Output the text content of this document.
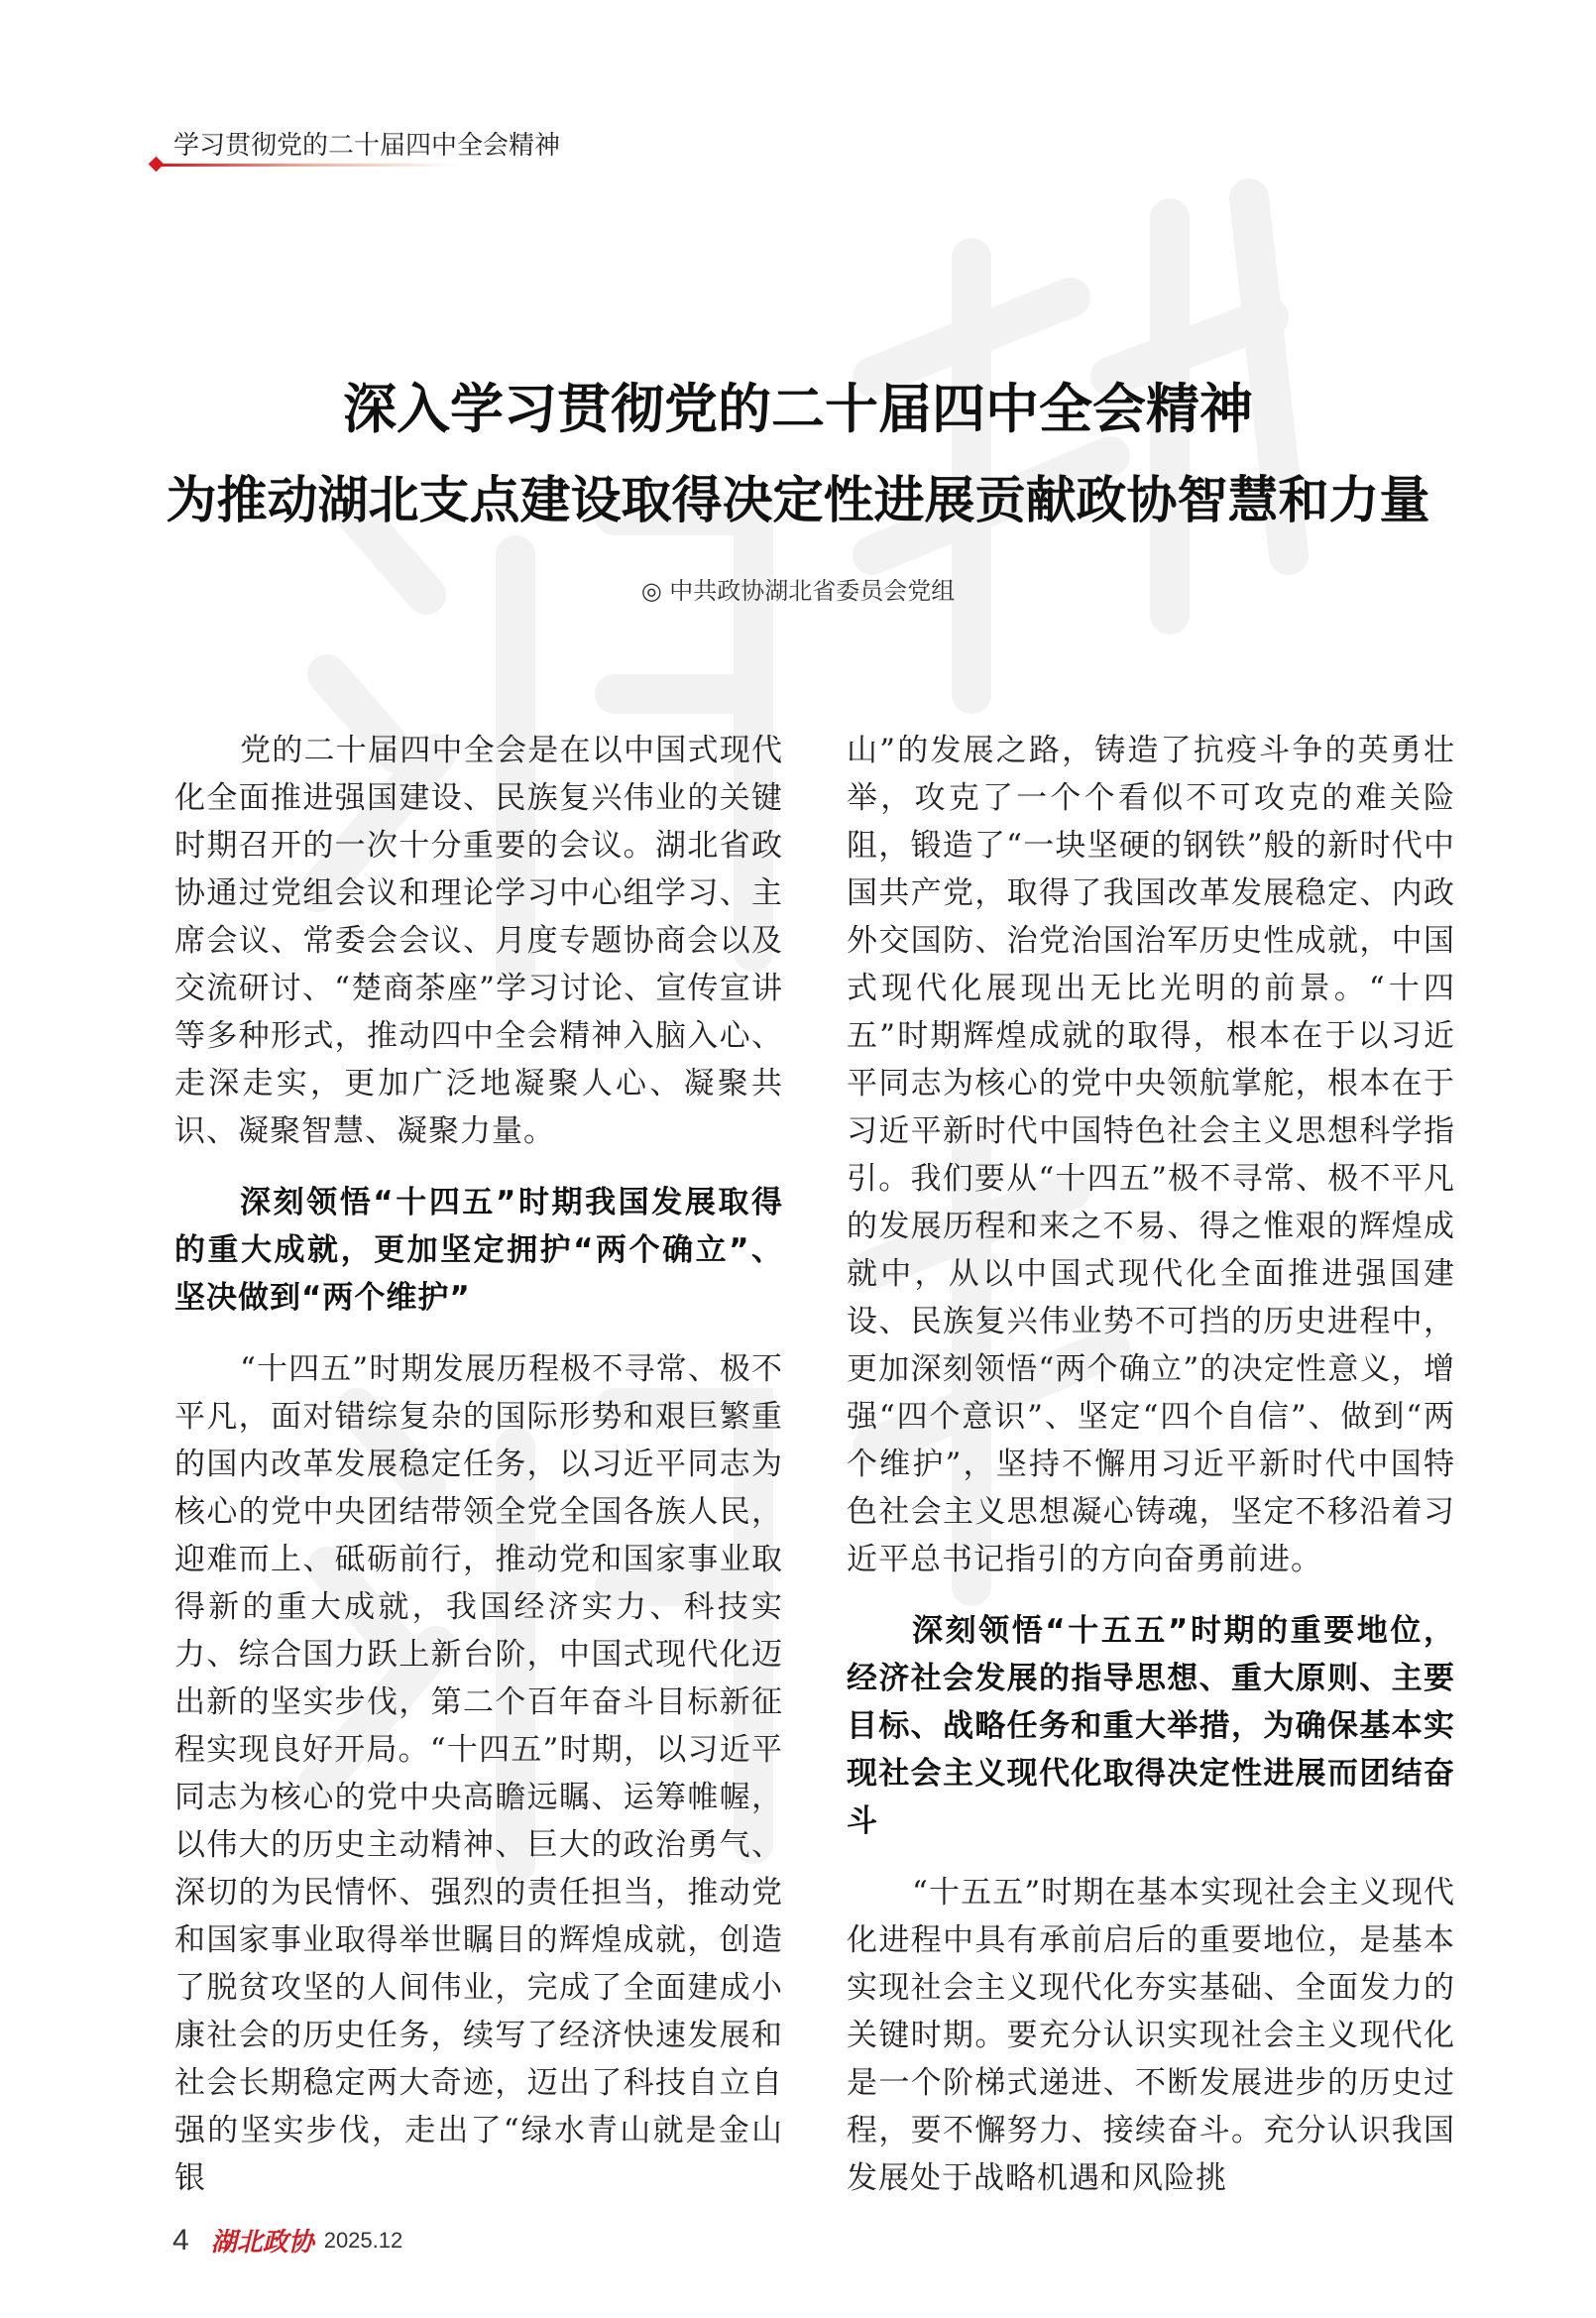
学习贯彻党的二十届四中全会精神
深入学习贯彻党的二十届四中全会精神
为推动湖北支点建设取得决定性进展贡献政协智慧和力量
◎ 中共政协湖北省委员会党组
党的二十届四中全会是在以中国式现代化全面推进强国建设、民族复兴伟业的关键时期召开的一次十分重要的会议。湖北省政协通过党组会议和理论学习中心组学习、主席会议、常委会会议、月度专题协商会以及交流研讨、“楚商茶座”学习讨论、宣传宣讲等多种形式，推动四中全会精神入脑入心、走深走实，更加广泛地凝聚人心、凝聚共识、凝聚智慧、凝聚力量。
深刻领悟“十四五”时期我国发展取得的重大成就，更加坚定拥护“两个确立”、坚决做到“两个维护”
“十四五”时期发展历程极不寻常、极不平凡，面对错综复杂的国际形势和艰巨繁重的国内改革发展稳定任务，以习近平同志为核心的党中央团结带领全党全国各族人民，迎难而上、砥砺前行，推动党和国家事业取得新的重大成就，我国经济实力、科技实力、综合国力跃上新台阶，中国式现代化迈出新的坚实步伐，第二个百年奋斗目标新征程实现良好开局。“十四五”时期，以习近平同志为核心的党中央高瞻远瞩、运筹帷幄，以伟大的历史主动精神、巨大的政治勇气、深切的为民情怀、强烈的责任担当，推动党和国家事业取得举世瞩目的辉煌成就，创造了脱贫攻坚的人间伟业，完成了全面建成小康社会的历史任务，续写了经济快速发展和社会长期稳定两大奇迹，迈出了科技自立自强的坚实步伐，走出了“绿水青山就是金山银
山”的发展之路，铸造了抗疫斗争的英勇壮举，攻克了一个个看似不可攻克的难关险阻，锻造了“一块坚硬的钢铁”般的新时代中国共产党，取得了我国改革发展稳定、内政外交国防、治党治国治军历史性成就，中国式现代化展现出无比光明的前景。“十四五”时期辉煌成就的取得，根本在于以习近平同志为核心的党中央领航掌舵，根本在于习近平新时代中国特色社会主义思想科学指引。我们要从“十四五”极不寻常、极不平凡的发展历程和来之不易、得之惟艰的辉煌成就中，从以中国式现代化全面推进强国建设、民族复兴伟业势不可挡的历史进程中，更加深刻领悟“两个确立”的决定性意义，增强“四个意识”、坚定“四个自信”、做到“两个维护”，坚持不懈用习近平新时代中国特色社会主义思想凝心铸魂，坚定不移沿着习近平总书记指引的方向奋勇前进。
深刻领悟“十五五”时期的重要地位，经济社会发展的指导思想、重大原则、主要目标、战略任务和重大举措，为确保基本实现社会主义现代化取得决定性进展而团结奋斗
“十五五”时期在基本实现社会主义现代化进程中具有承前启后的重要地位，是基本实现社会主义现代化夯实基础、全面发力的关键时期。要充分认识实现社会主义现代化是一个阶梯式递进、不断发展进步的历史过程，要不懈努力、接续奋斗。充分认识我国发展处于战略机遇和风险挑
4 湖北政协 2025.12
